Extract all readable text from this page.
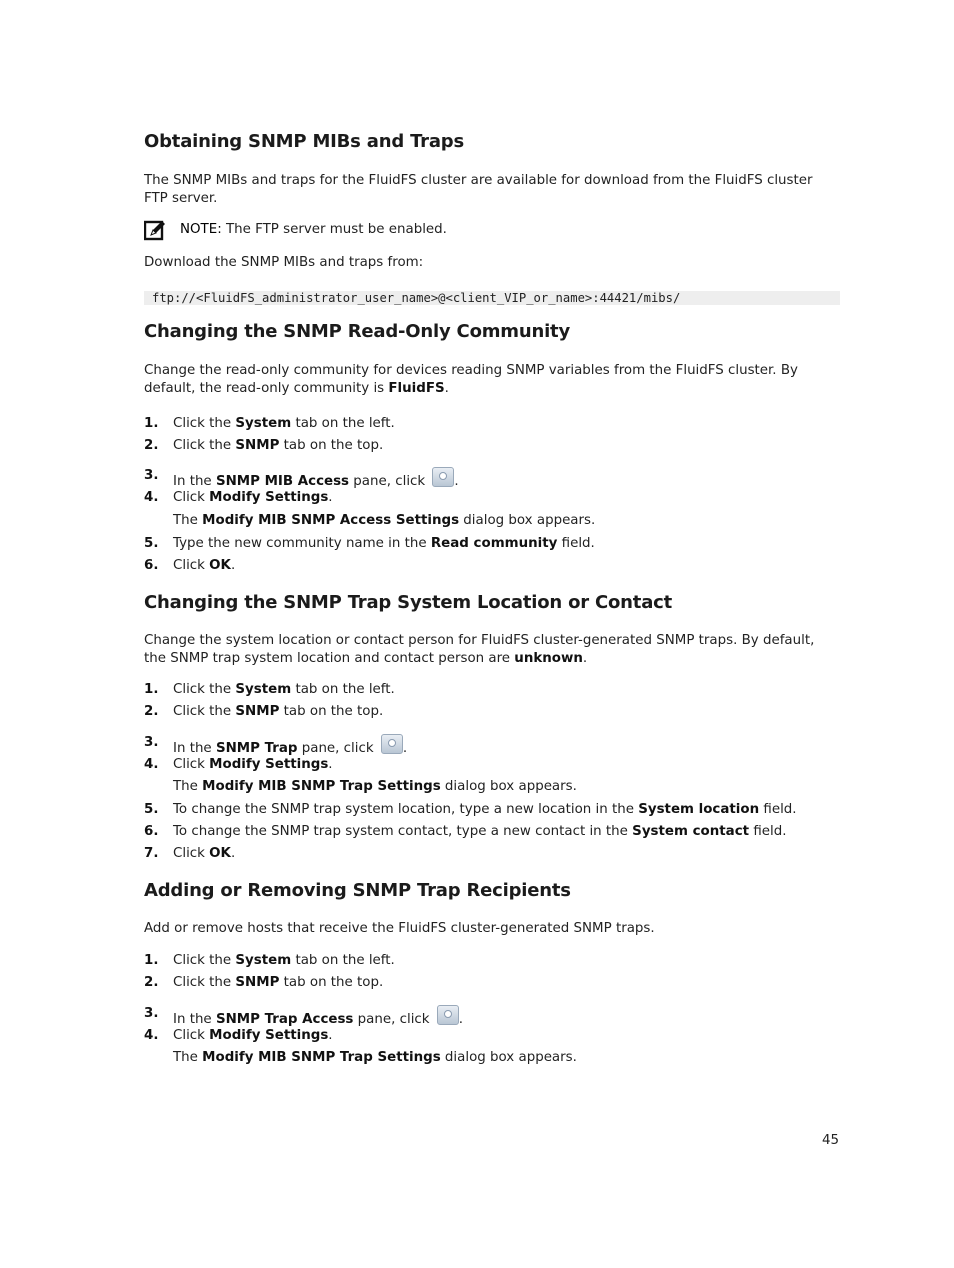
Obtaining SNMP MIBs and Traps
The SNMP MIBs and traps for the FluidFS cluster are available for download from the FluidFS cluster FTP server.
NOTE: The FTP server must be enabled.
Download the SNMP MIBs and traps from:
ftp://<FluidFS_administrator_user_name>@<client_VIP_or_name>:44421/mibs/
Changing the SNMP Read-Only Community
Change the read-only community for devices reading SNMP variables from the FluidFS cluster. By default, the read-only community is FluidFS.
1. Click the System tab on the left.
2. Click the SNMP tab on the top.
3. In the SNMP MIB Access pane, click .
4. Click Modify Settings.
The Modify MIB SNMP Access Settings dialog box appears.
5. Type the new community name in the Read community field.
6. Click OK.
Changing the SNMP Trap System Location or Contact
Change the system location or contact person for FluidFS cluster-generated SNMP traps. By default, the SNMP trap system location and contact person are unknown.
1. Click the System tab on the left.
2. Click the SNMP tab on the top.
3. In the SNMP Trap pane, click .
4. Click Modify Settings.
The Modify MIB SNMP Trap Settings dialog box appears.
5. To change the SNMP trap system location, type a new location in the System location field.
6. To change the SNMP trap system contact, type a new contact in the System contact field.
7. Click OK.
Adding or Removing SNMP Trap Recipients
Add or remove hosts that receive the FluidFS cluster-generated SNMP traps.
1. Click the System tab on the left.
2. Click the SNMP tab on the top.
3. In the SNMP Trap Access pane, click .
4. Click Modify Settings.
The Modify MIB SNMP Trap Settings dialog box appears.
45
